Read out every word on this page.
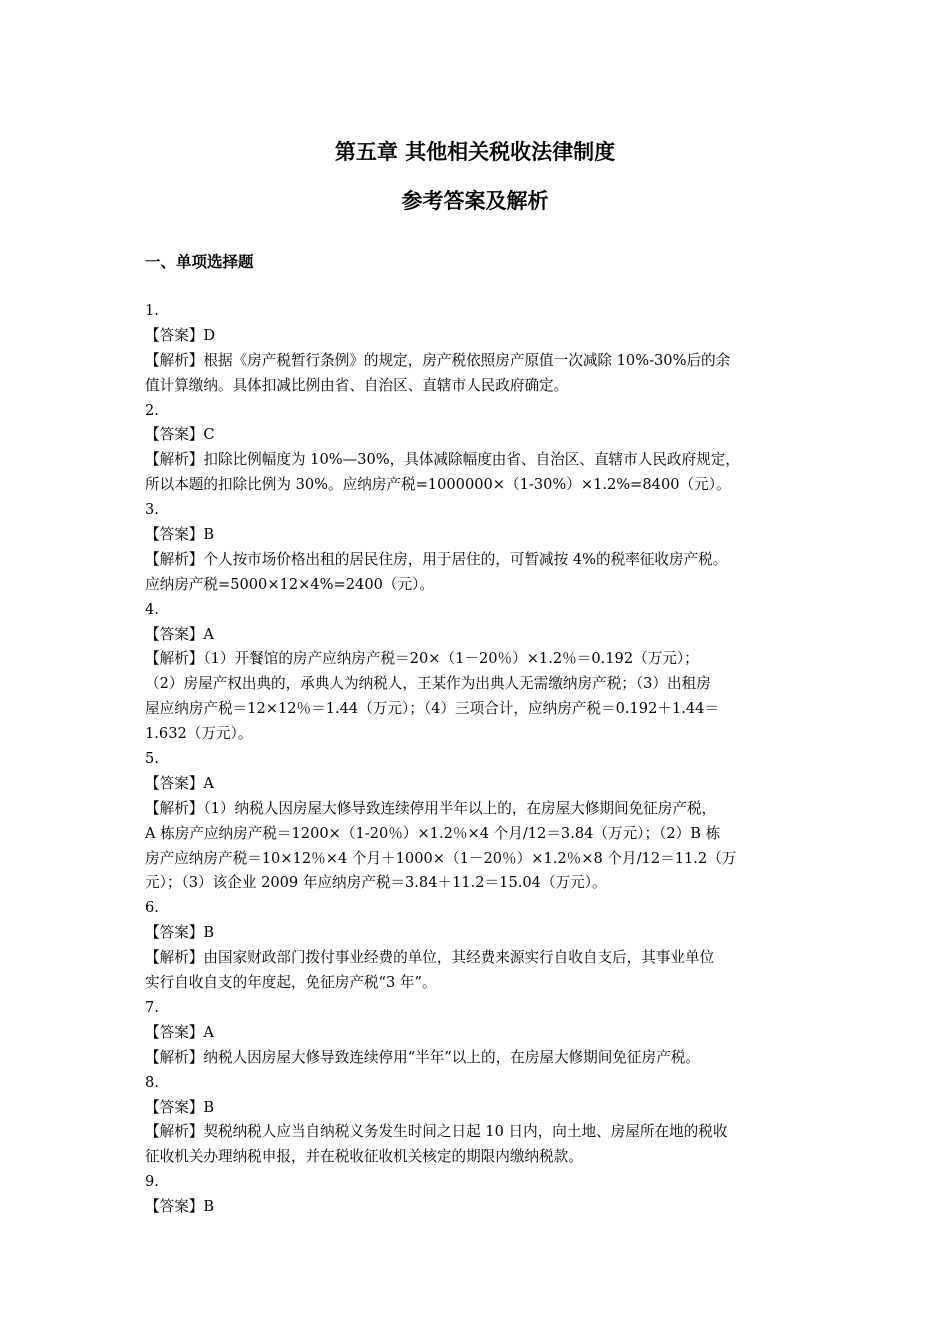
第五章 其他相关税收法律制度
参考答案及解析
一、单项选择题
1.
【答案】D
【解析】根据《房产税暂行条例》的规定，房产税依照房产原值一次减除 10%-30%后的余
值计算缴纳。具体扣减比例由省、自治区、直辖市人民政府确定。
2.
【答案】C
【解析】扣除比例幅度为 10%—30%，具体减除幅度由省、自治区、直辖市人民政府规定，
所以本题的扣除比例为 30%。应纳房产税=1000000×（1-30%）×1.2%=8400（元）。
3.
【答案】B
【解析】个人按市场价格出租的居民住房，用于居住的，可暂减按 4%的税率征收房产税。
应纳房产税=5000×12×4%=2400（元）。
4.
【答案】A
【解析】（1）开餐馆的房产应纳房产税＝20×（1－20％）×1.2％＝0.192（万元）；
（2）房屋产权出典的，承典人为纳税人，王某作为出典人无需缴纳房产税；（3）出租房
屋应纳房产税＝12×12％＝1.44（万元）；（4）三项合计，应纳房产税＝0.192＋1.44＝
1.632（万元）。
5.
【答案】A
【解析】（1）纳税人因房屋大修导致连续停用半年以上的，在房屋大修期间免征房产税，
A 栋房产应纳房产税＝1200×（1-20％）×1.2％×4 个月/12＝3.84（万元）；（2）B 栋
房产应纳房产税＝10×12％×4 个月＋1000×（1－20％）×1.2％×8 个月/12＝11.2（万
元）；（3）该企业 2009 年应纳房产税＝3.84＋11.2＝15.04（万元）。
6.
【答案】B
【解析】由国家财政部门拨付事业经费的单位，其经费来源实行自收自支后，其事业单位
实行自收自支的年度起，免征房产税“3 年”。
7.
【答案】A
【解析】纳税人因房屋大修导致连续停用“半年”以上的，在房屋大修期间免征房产税。
8.
【答案】B
【解析】契税纳税人应当自纳税义务发生时间之日起 10 日内，向土地、房屋所在地的税收
征收机关办理纳税申报，并在税收征收机关核定的期限内缴纳税款。
9.
【答案】B
